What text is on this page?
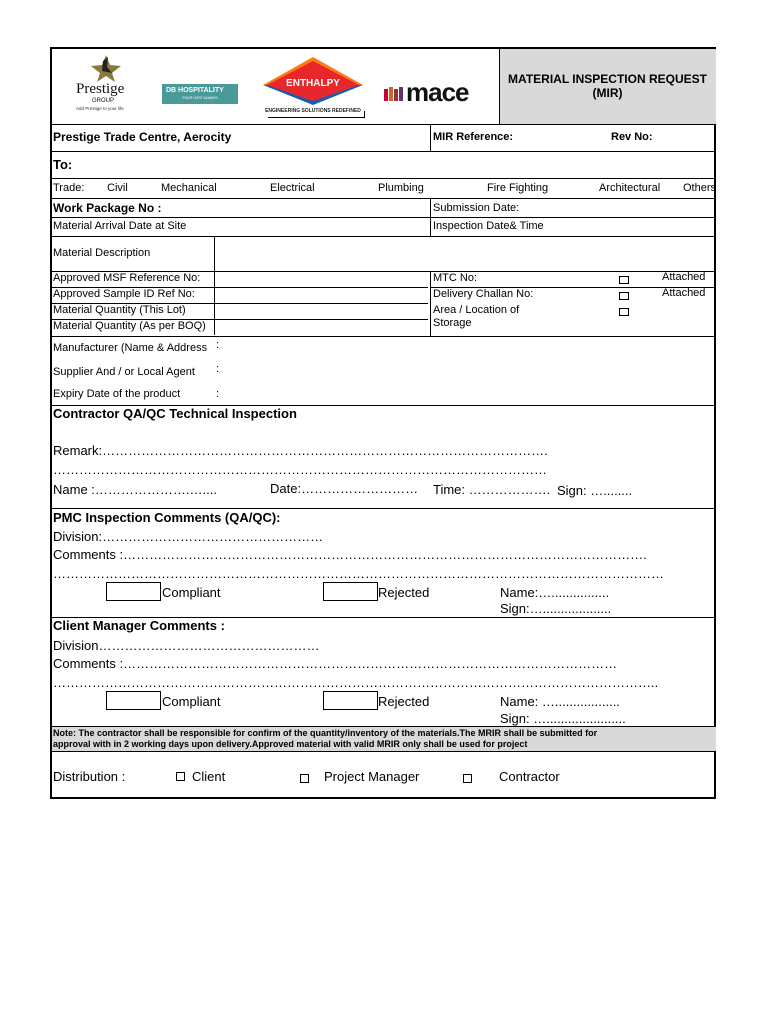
MATERIAL INSPECTION REQUEST
(MIR)
Prestige
GROUP
Add Prestige to your life
DB HOSPITALITY
YOUR HOST ALWAYS
ENTHALPY
ENGINEERING SOLUTIONS REDEFINED
mace
Prestige Trade Centre, Aerocity	MIR Reference:	Rev No:
To:
Trade: Civil	Mechanical	Electrical	Plumbing	Fire Fighting	Architectural Others
Work Package No :	Submission Date:
Material Arrival Date at Site	Inspection Date& Time
Material Description
Approved MSF Reference No:
Approved Sample ID Ref No:
Material Quantity (This Lot)
Material Quantity (As per BOQ)
MTC No:	Attached
Delivery Challan No:	Attached
Area / Location of
Storage
Manufacturer (Name & Address :
Supplier And / or Local Agent :
Expiry Date of the product	:
Contractor QA/QC Technical Inspection
Remark:………………………………………………………………………………………….
……………………………………………………………………………………………………
Name :………………….…....	Date:……………………… Time: ………………. Sign: …........
PMC Inspection Comments (QA/QC):
Division:……………………………………………
Comments :………………………………………………………………………………………………………….
……………………………………………………………………………………………………………………………
Compliant	Rejected	Name:…................
Sign:…...................
Client Manager Comments :
Division……………………………………………
Comments :……………………………………………………………………………………………………
…………………………………………………………………………………………………………………………..
Compliant	Rejected	Name: …..................
Sign: …......................
Note: The contractor shall be responsible for confirm of the quantity/inventory of the materials.The MRIR shall be submitted for
approval with in 2 working days upon delivery.Approved material with valid MRIR only shall be used for project
Distribution :	Client	Project Manager	Contractor
